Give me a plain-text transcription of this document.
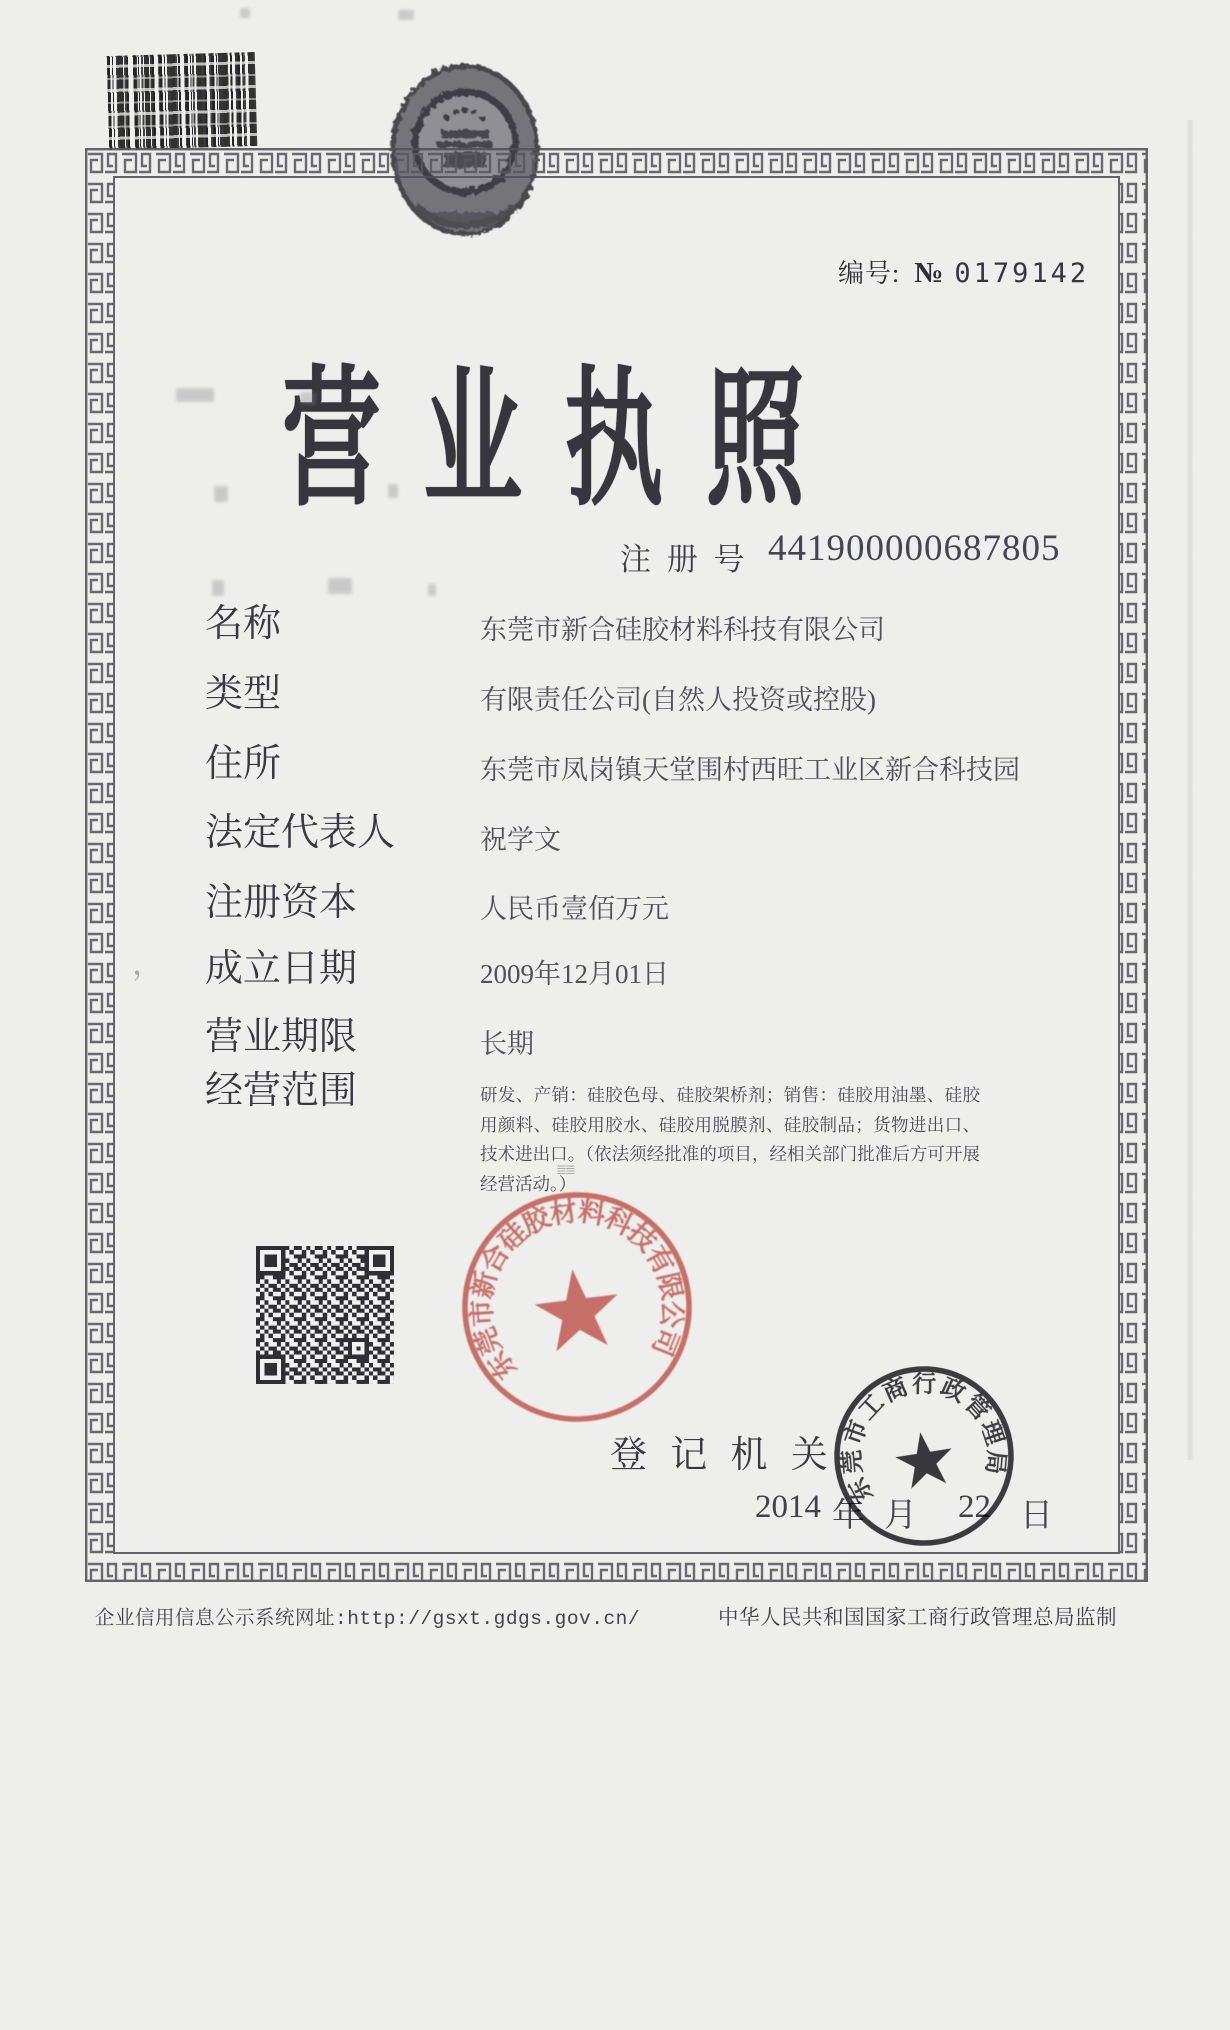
编号: № 0179142
营业执照
注 册 号 441900000687805
名称	东莞市新合硅胶材料科技有限公司
类型	有限责任公司(自然人投资或控股)
住所	东莞市凤岗镇天堂围村西旺工业区新合科技园
法定代表人	祝学文
注册资本	人民币壹佰万元
成立日期	2009年12月01日
营业期限	长期
经营范围	研发、产销：硅胶色母、硅胶架桥剂；销售：硅胶用油墨、硅胶用颜料、硅胶用胶水、硅胶用脱膜剂、硅胶制品；货物进出口、技术进出口。（依法须经批准的项目，经相关部门批准后方可开展经营活动。）
东莞市新合硅胶材料科技有限公司
登 记 机 关
2014 年 月 22 日
东莞市工商行政管理局
企业信用信息公示系统网址:http://gsxt.gdgs.gov.cn/	中华人民共和国国家工商行政管理总局监制
，
≣≣
